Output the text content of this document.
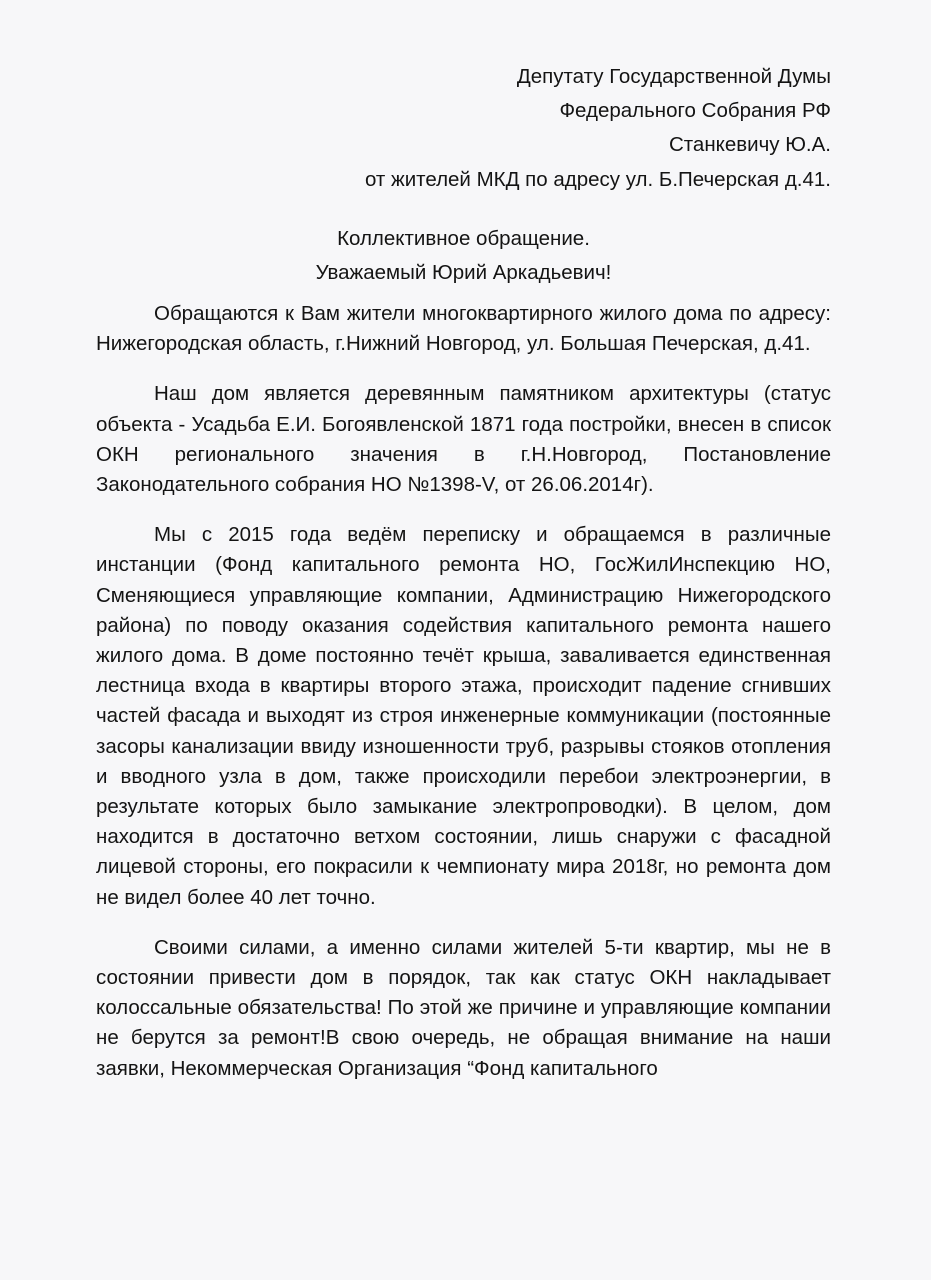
Депутату Государственной Думы
Федерального Собрания РФ
Станкевичу Ю.А.
от жителей МКД по адресу ул. Б.Печерская д.41.
Коллективное обращение.
Уважаемый Юрий Аркадьевич!

Обращаются к Вам жители многоквартирного жилого дома по адресу: Нижегородская область, г.Нижний Новгород, ул. Большая Печерская, д.41.

Наш дом является деревянным памятником архитектуры (статус объекта - Усадьба Е.И. Богоявленской 1871 года постройки, внесен в список ОКН регионального значения в г.Н.Новгород, Постановление Законодательного собрания НО №1398-V, от 26.06.2014г).

Мы с 2015 года ведём переписку и обращаемся в различные инстанции (Фонд капитального ремонта НО, ГосЖилИнспекцию НО, Сменяющиеся управляющие компании, Администрацию Нижегородского района) по поводу оказания содействия капитального ремонта нашего жилого дома. В доме постоянно течёт крыша, заваливается единственная лестница входа в квартиры второго этажа, происходит падение сгнивших частей фасада и выходят из строя инженерные коммуникации (постоянные засоры канализации ввиду изношенности труб, разрывы стояков отопления и вводного узла в дом, также происходили перебои электроэнергии, в результате которых было замыкание электропроводки). В целом, дом находится в достаточно ветхом состоянии, лишь снаружи с фасадной лицевой стороны, его покрасили к чемпионату мира 2018г, но ремонта дом не видел более 40 лет точно.

Своими силами, а именно силами жителей 5-ти квартир, мы не в состоянии привести дом в порядок, так как статус ОКН накладывает колоссальные обязательства! По этой же причине и управляющие компании не берутся за ремонт!В свою очередь, не обращая внимание на наши заявки, Некоммерческая Организация “Фонд капитального
